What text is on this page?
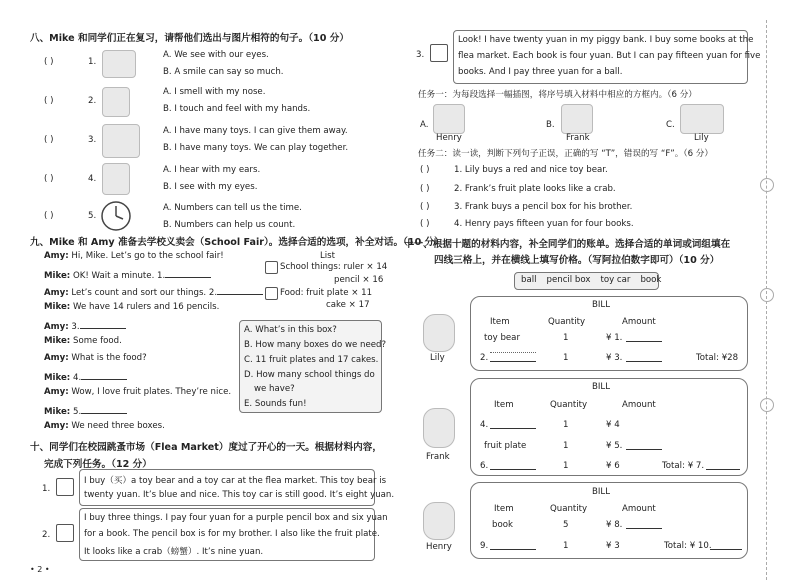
八、Mike 和同学们正在复习，请帮他们选出与图片相符的句子。（10 分）
( )	1.
A. We see with our eyes.
B. A smile can say so much.
( )	2.
A. I smell with my nose.
B. I touch and feel with my hands.
( )	3.
A. I have many toys. I can give them away.
B. I have many toys. We can play together.
( )	4.
A. I hear with my ears.
B. I see with my eyes.
( )	5.
A. Numbers can tell us the time.
B. Numbers can help us count.
九、Mike 和 Amy 准备去学校义卖会（School Fair）。选择合适的选项，补全对话。（10 分）
Amy: Hi, Mike. Let’s go to the school fair!
Mike: OK! Wait a minute. 1.
Amy: Let’s count and sort our things. 2.
Mike: We have 14 rulers and 16 pencils.
Amy: 3.
Mike: Some food.
Amy: What is the food?
Mike: 4.
Amy: Wow, I love fruit plates. They’re nice.
Mike: 5.
Amy: We need three boxes.
List
School things: ruler × 14
pencil × 16
Food: fruit plate × 11
cake × 17
A. What’s in this box?
B. How many boxes do we need?
C. 11 fruit plates and 17 cakes.
D. How many school things do
we have?
E. Sounds fun!
十、同学们在校园跳蚤市场（Flea Market）度过了开心的一天。根据材料内容，
完成下列任务。（12 分）
1.
I buy（买）a toy bear and a toy car at the flea market. This toy bear is
twenty yuan. It’s blue and nice. This toy car is still good. It’s eight yuan.
2.
I buy three things. I pay four yuan for a purple pencil box and six yuan
for a book. The pencil box is for my brother. I also like the fruit plate.
It looks like a crab（螃蟹）. It’s nine yuan.
• 2 •
3.
Look! I have twenty yuan in my piggy bank. I buy some books at the
flea market. Each book is four yuan. But I can pay fifteen yuan for five
books. And I pay three yuan for a ball.
任务一：为每段选择一幅插图，将序号填入材料中相应的方框内。（6 分）
A.
Henry
B.
Frank
C.
Lily
任务二：读一读，判断下列句子正误，正确的写 “T”，错误的写 “F”。（6 分）
( )	1. Lily buys a red and nice toy bear.
( )	2. Frank’s fruit plate looks like a crab.
( )	3. Frank buys a pencil box for his brother.
( )	4. Henry pays fifteen yuan for four books.
十一、根据十题的材料内容，补全同学们的账单。选择合适的单词或词组填在
四线三格上，并在横线上填写价格。（写阿拉伯数字即可）（10 分）
ball pencil box toy car book
Lily
BILL
Item	Quantity	Amount
toy bear	1	¥ 1.
2.	1	¥ 3.	Total: ¥28
Frank
BILL
Item	Quantity	Amount
4.	1	¥ 4
fruit plate	1	¥ 5.
6.	1	¥ 6	Total: ¥ 7.
Henry
BILL
Item	Quantity	Amount
book	5	¥ 8.
9.	1	¥ 3	Total: ¥ 10.
